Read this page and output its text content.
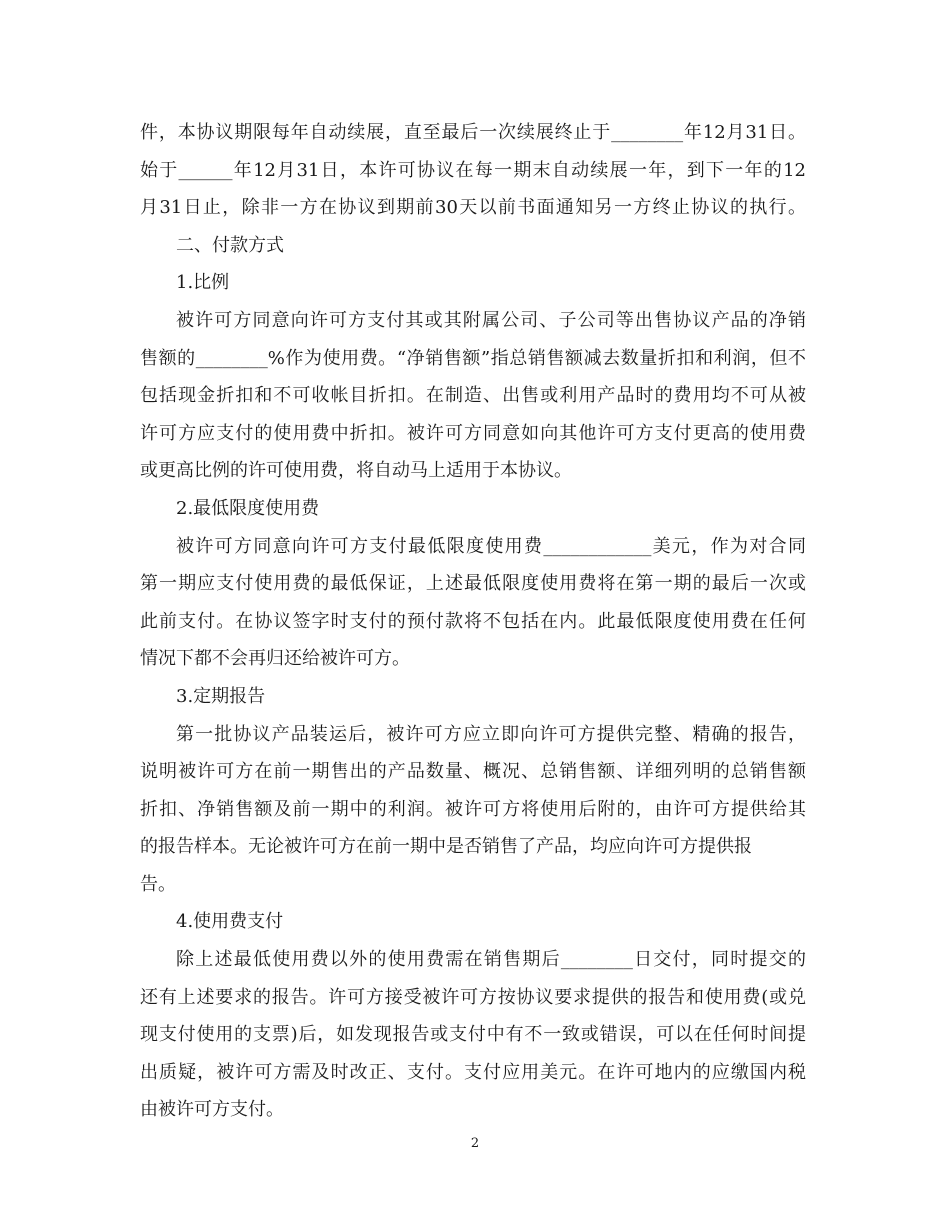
件，本协议期限每年自动续展，直至最后一次续展终止于________年12月31日。
始于______年12月31日，本许可协议在每一期末自动续展一年，到下一年的12
月31日止，除非一方在协议到期前30天以前书面通知另一方终止协议的执行。
二、付款方式
1.比例
被许可方同意向许可方支付其或其附属公司、子公司等出售协议产品的净销
售额的________%作为使用费。“净销售额”指总销售额减去数量折扣和利润，但不
包括现金折扣和不可收帐目折扣。在制造、出售或利用产品时的费用均不可从被
许可方应支付的使用费中折扣。被许可方同意如向其他许可方支付更高的使用费
或更高比例的许可使用费，将自动马上适用于本协议。
2.最低限度使用费
被许可方同意向许可方支付最低限度使用费____________美元，作为对合同
第一期应支付使用费的最低保证，上述最低限度使用费将在第一期的最后一次或
此前支付。在协议签字时支付的预付款将不包括在内。此最低限度使用费在任何
情况下都不会再归还给被许可方。
3.定期报告
第一批协议产品装运后，被许可方应立即向许可方提供完整、精确的报告，
说明被许可方在前一期售出的产品数量、概况、总销售额、详细列明的总销售额
折扣、净销售额及前一期中的利润。被许可方将使用后附的，由许可方提供给其
的报告样本。无论被许可方在前一期中是否销售了产品，均应向许可方提供报
告。
4.使用费支付
除上述最低使用费以外的使用费需在销售期后________日交付，同时提交的
还有上述要求的报告。许可方接受被许可方按协议要求提供的报告和使用费(或兑
现支付使用的支票)后，如发现报告或支付中有不一致或错误，可以在任何时间提
出质疑，被许可方需及时改正、支付。支付应用美元。在许可地内的应缴国内税
由被许可方支付。
2
